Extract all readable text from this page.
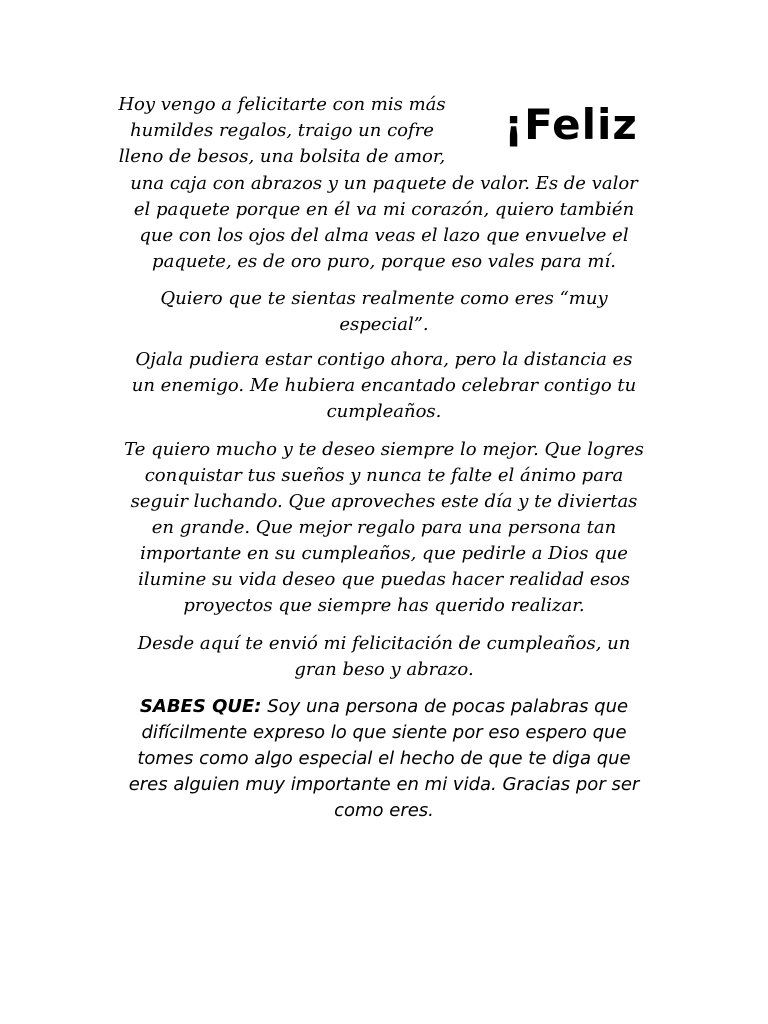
¡Feliz
Hoy vengo a felicitarte con mis más
humildes regalos, traigo un cofre
lleno de besos, una bolsita de amor,
una caja con abrazos y un paquete de valor. Es de valor
el paquete porque en él va mi corazón, quiero también
que con los ojos del alma veas el lazo que envuelve el
paquete, es de oro puro, porque eso vales para mí.
Quiero que te sientas realmente como eres “muy
especial”.
Ojala pudiera estar contigo ahora, pero la distancia es
un enemigo. Me hubiera encantado celebrar contigo tu
cumpleaños.
Te quiero mucho y te deseo siempre lo mejor. Que logres
conquistar tus sueños y nunca te falte el ánimo para
seguir luchando. Que aproveches este día y te diviertas
en grande. Que mejor regalo para una persona tan
importante en su cumpleaños, que pedirle a Dios que
ilumine su vida deseo que puedas hacer realidad esos
proyectos que siempre has querido realizar.
Desde aquí te envió mi felicitación de cumpleaños, un
gran beso y abrazo.
SABES QUE: Soy una persona de pocas palabras que
difícilmente expreso lo que siente por eso espero que
tomes como algo especial el hecho de que te diga que
eres alguien muy importante en mi vida. Gracias por ser
como eres.
